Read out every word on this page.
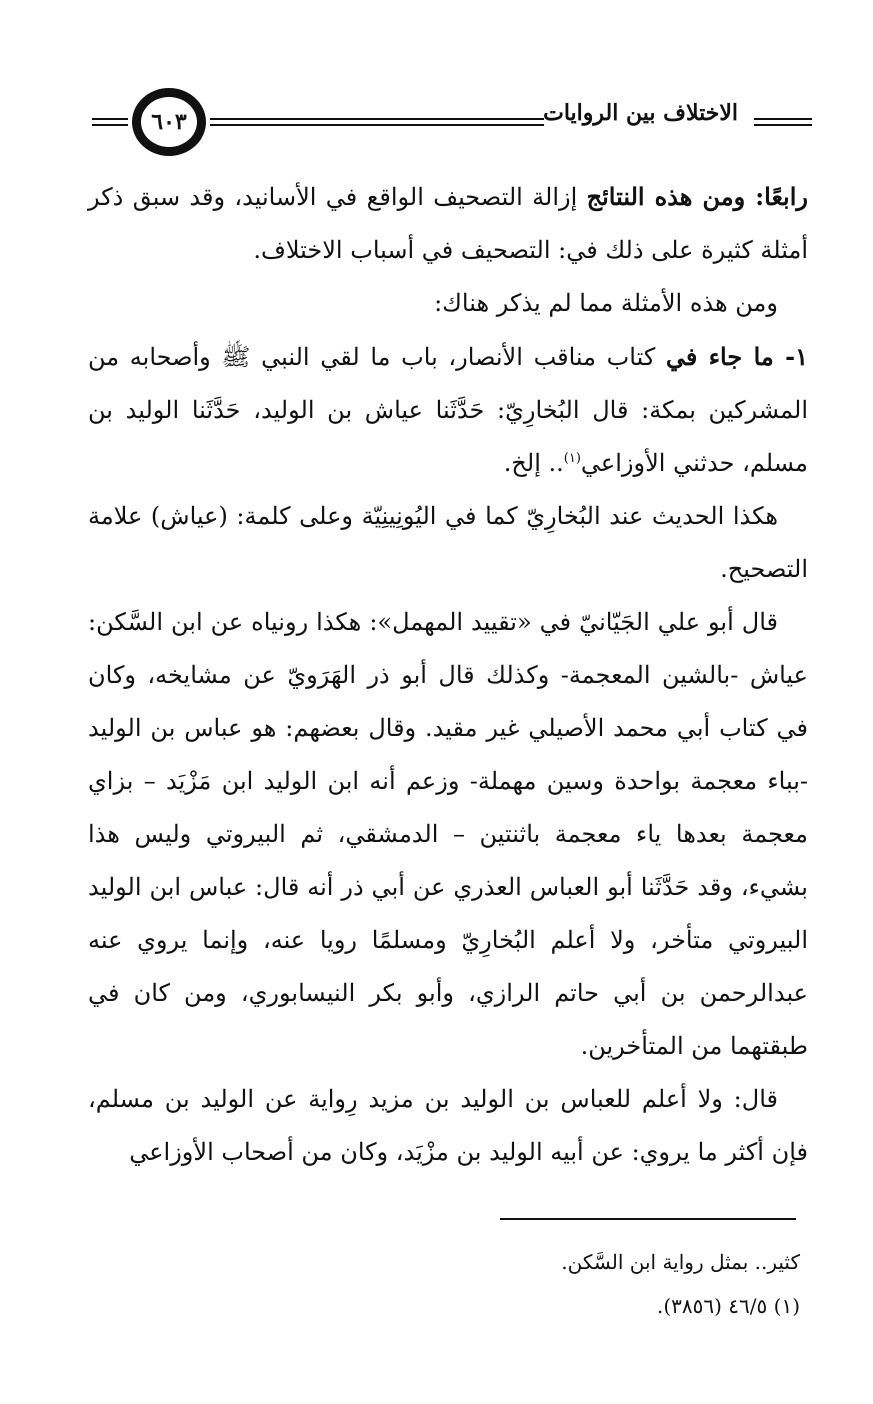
٦٠٣	الاختلاف بين الروايات

رابعًا: ومن هذه النتائج إزالة التصحيف الواقع في الأسانيد، وقد سبق ذكر أمثلة كثيرة على ذلك في: التصحيف في أسباب الاختلاف.

ومن هذه الأمثلة مما لم يذكر هناك:

١- ما جاء في كتاب مناقب الأنصار، باب ما لقي النبي ﷺ وأصحابه من المشركين بمكة: قال البُخارِيّ: حَدَّثَنا عياش بن الوليد، حَدَّثَنا الوليد بن مسلم، حدثني الأوزاعي$^{(١)}$.. إلخ.

هكذا الحديث عند البُخارِيّ كما في اليُونِينِيّة وعلى كلمة: (عياش) علامة التصحيح.

قال أبو علي الجَيّانيّ في «تقييد المهمل»: هكذا رونياه عن ابن السَّكن: عياش -بالشين المعجمة- وكذلك قال أبو ذر الهَرَويّ عن مشايخه، وكان في كتاب أبي محمد الأصيلي غير مقيد. وقال بعضهم: هو عباس بن الوليد -بباء معجمة بواحدة وسين مهملة- وزعم أنه ابن الوليد ابن مَزْيَد – بزاي معجمة بعدها ياء معجمة باثنتين – الدمشقي، ثم البيروتي وليس هذا بشيء، وقد حَدَّثَنا أبو العباس العذري عن أبي ذر أنه قال: عباس ابن الوليد البيروتي متأخر، ولا أعلم البُخارِيّ ومسلمًا رويا عنه، وإنما يروي عنه عبدالرحمن بن أبي حاتم الرازي، وأبو بكر النيسابوري، ومن كان في طبقتهما من المتأخرين.

قال: ولا أعلم للعباس بن الوليد بن مزيد رِواية عن الوليد بن مسلم، فإن أكثر ما يروي: عن أبيه الوليد بن مزْيَد، وكان من أصحاب الأوزاعي

كثير.. بمثل رواية ابن السَّكن.

(١) ٤٦/٥ (٣٨٥٦).
